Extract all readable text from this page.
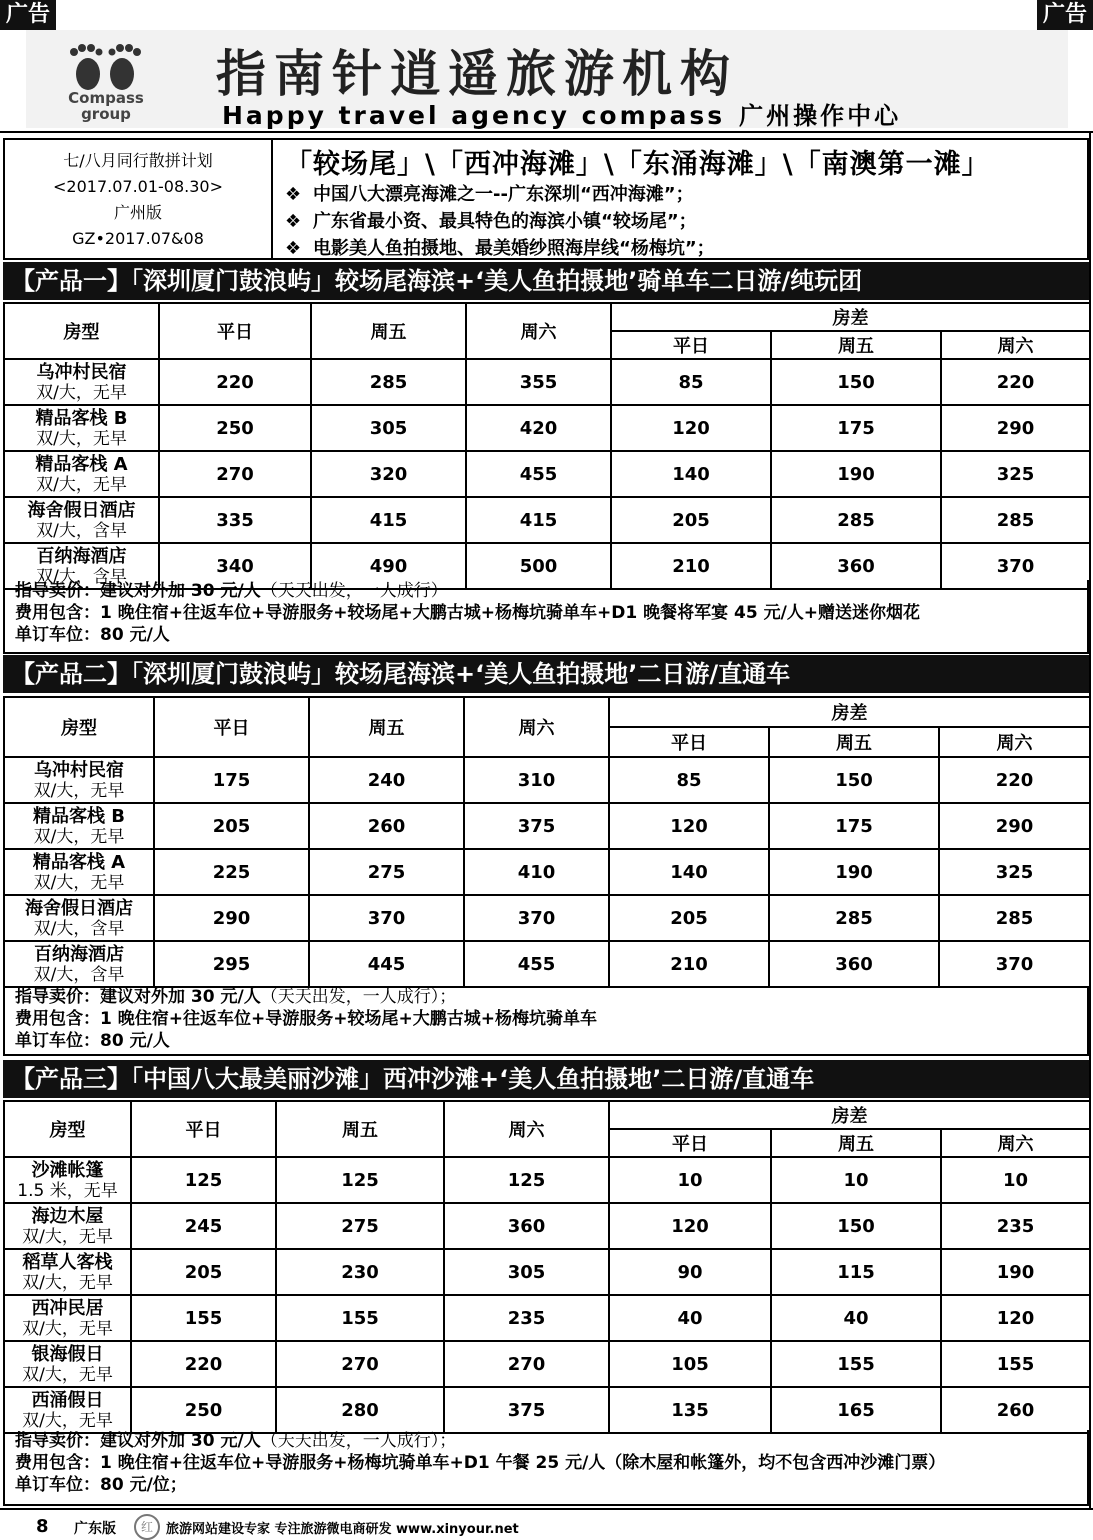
广告	广告
Compass group
指南针逍遥旅游机构
Happy travel agency compass 广州操作中心
七/八月同行散拼计划
<2017.07.01-08.30>
广州版
GZ•2017.07&08
「较场尾」\「西冲海滩」\「东涌海滩」\「南澳第一滩」
❖ 中国八大漂亮海滩之一--广东深圳“西冲海滩”；
❖ 广东省最小资、最具特色的海滨小镇“较场尾”；
❖ 电影美人鱼拍摄地、最美婚纱照海岸线“杨梅坑”；
【产品一】「深圳厦门鼓浪屿」较场尾海滨+‘美人鱼拍摄地’骑单车二日游/纯玩团
房型	平日	周五	周六	房差		
				平日	周五	周六

乌冲村民宿
双/大，无早	220	285	355	85	150	220

精品客栈 B
双/大，无早	250	305	420	120	175	290

精品客栈 A
双/大，无早	270	320	455	140	190	325

海舍假日酒店
双/大，含早	335	415	415	205	285	285

百纳海酒店
双/大，含早	340	490	500	210	360	370
指导卖价：建议对外加 30 元/人（天天出发，一人成行）
费用包含：1 晚住宿+往返车位+导游服务+较场尾+大鹏古城+杨梅坑骑单车+D1 晚餐将军宴 45 元/人+赠送迷你烟花
单订车位：80 元/人
【产品二】「深圳厦门鼓浪屿」较场尾海滨+‘美人鱼拍摄地’二日游/直通车
房型	平日	周五	周六	房差		
				平日	周五	周六

乌冲村民宿
双/大，无早	175	240	310	85	150	220

精品客栈 B
双/大，无早	205	260	375	120	175	290

精品客栈 A
双/大，无早	225	275	410	140	190	325

海舍假日酒店
双/大，含早	290	370	370	205	285	285

百纳海酒店
双/大，含早	295	445	455	210	360	370
指导卖价：建议对外加 30 元/人（天天出发，一人成行）；
费用包含：1 晚住宿+往返车位+导游服务+较场尾+大鹏古城+杨梅坑骑单车
单订车位：80 元/人
【产品三】「中国八大最美丽沙滩」西冲沙滩+‘美人鱼拍摄地’二日游/直通车
房型	平日	周五	周六	房差		
				平日	周五	周六

沙滩帐篷
1.5 米，无早	125	125	125	10	10	10

海边木屋
双/大，无早	245	275	360	120	150	235

稻草人客栈
双/大，无早	205	230	305	90	115	190

西冲民居
双/大，无早	155	155	235	40	40	120

银海假日
双/大，无早	220	270	270	105	155	155

西涌假日
双/大，无早	250	280	375	135	165	260
指导卖价：建议对外加 30 元/人（天天出发，一人成行）；
费用包含：1 晚住宿+往返车位+导游服务+杨梅坑骑单车+D1 午餐 25 元/人（除木屋和帐篷外，均不包含西冲沙滩门票）
单订车位：80 元/位；
8 广东版	红	旅游网站建设专家 专注旅游微电商研发 www.xinyour.net
